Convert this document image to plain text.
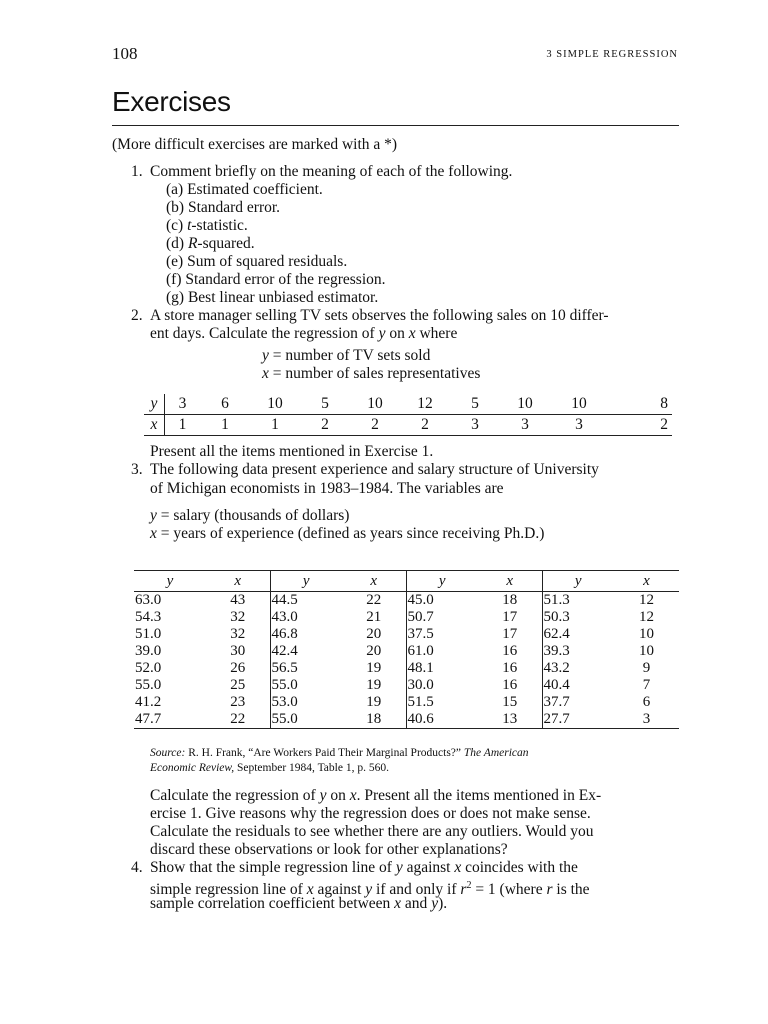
108	3 SIMPLE REGRESSION
Exercises
(More difficult exercises are marked with a *)
1. Comment briefly on the meaning of each of the following.
(a) Estimated coefficient.
(b) Standard error.
(c) t-statistic.
(d) R-squared.
(e) Sum of squared residuals.
(f) Standard error of the regression.
(g) Best linear unbiased estimator.
2. A store manager selling TV sets observes the following sales on 10 differ-
ent days. Calculate the regression of y on x where
y = number of TV sets sold
x = number of sales representatives
y	3	6	10	5	10	12	5	10	10	8
x	1	1	1	2	2	2	3	3	3	2
Present all the items mentioned in Exercise 1.
3. The following data present experience and salary structure of University
of Michigan economists in 1983–1984. The variables are
y = salary (thousands of dollars)
x = years of experience (defined as years since receiving Ph.D.)
y	x	y	x	y	x	y	x
63.0	43	44.5	22	45.0	18	51.3	12
54.3	32	43.0	21	50.7	17	50.3	12
51.0	32	46.8	20	37.5	17	62.4	10
39.0	30	42.4	20	61.0	16	39.3	10
52.0	26	56.5	19	48.1	16	43.2	9
55.0	25	55.0	19	30.0	16	40.4	7
41.2	23	53.0	19	51.5	15	37.7	6
47.7	22	55.0	18	40.6	13	27.7	3
Source: R. H. Frank, “Are Workers Paid Their Marginal Products?” The American
Economic Review, September 1984, Table 1, p. 560.
Calculate the regression of y on x. Present all the items mentioned in Ex-
ercise 1. Give reasons why the regression does or does not make sense.
Calculate the residuals to see whether there are any outliers. Would you
discard these observations or look for other explanations?
4. Show that the simple regression line of y against x coincides with the
simple regression line of x against y if and only if $r^2 = 1$ (where r is the
sample correlation coefficient between x and y).
